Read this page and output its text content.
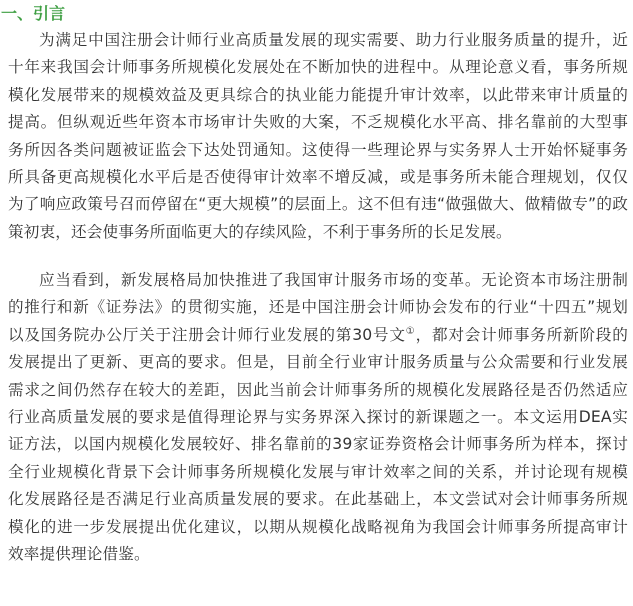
一、引言
为满足中国注册会计师行业高质量发展的现实需要、助力行业服务质量的提升，近
十年来我国会计师事务所规模化发展处在不断加快的进程中。从理论意义看，事务所规
模化发展带来的规模效益及更具综合的执业能力能提升审计效率，以此带来审计质量的
提高。但纵观近些年资本市场审计失败的大案，不乏规模化水平高、排名靠前的大型事
务所因各类问题被证监会下达处罚通知。这使得一些理论界与实务界人士开始怀疑事务
所具备更高规模化水平后是否使得审计效率不增反减，或是事务所未能合理规划，仅仅
为了响应政策号召而停留在“更大规模”的层面上。这不但有违“做强做大、做精做专”的政
策初衷，还会使事务所面临更大的存续风险，不利于事务所的长足发展。
应当看到，新发展格局加快推进了我国审计服务市场的变革。无论资本市场注册制
的推行和新《证券法》的贯彻实施，还是中国注册会计师协会发布的行业“十四五”规划
以及国务院办公厅关于注册会计师行业发展的第30号文①，都对会计师事务所新阶段的
发展提出了更新、更高的要求。但是，目前全行业审计服务质量与公众需要和行业发展
需求之间仍然存在较大的差距，因此当前会计师事务所的规模化发展路径是否仍然适应
行业高质量发展的要求是值得理论界与实务界深入探讨的新课题之一。本文运用DEA实
证方法，以国内规模化发展较好、排名靠前的39家证券资格会计师事务所为样本，探讨
全行业规模化背景下会计师事务所规模化发展与审计效率之间的关系，并讨论现有规模
化发展路径是否满足行业高质量发展的要求。在此基础上，本文尝试对会计师事务所规
模化的进一步发展提出优化建议，以期从规模化战略视角为我国会计师事务所提高审计
效率提供理论借鉴。
